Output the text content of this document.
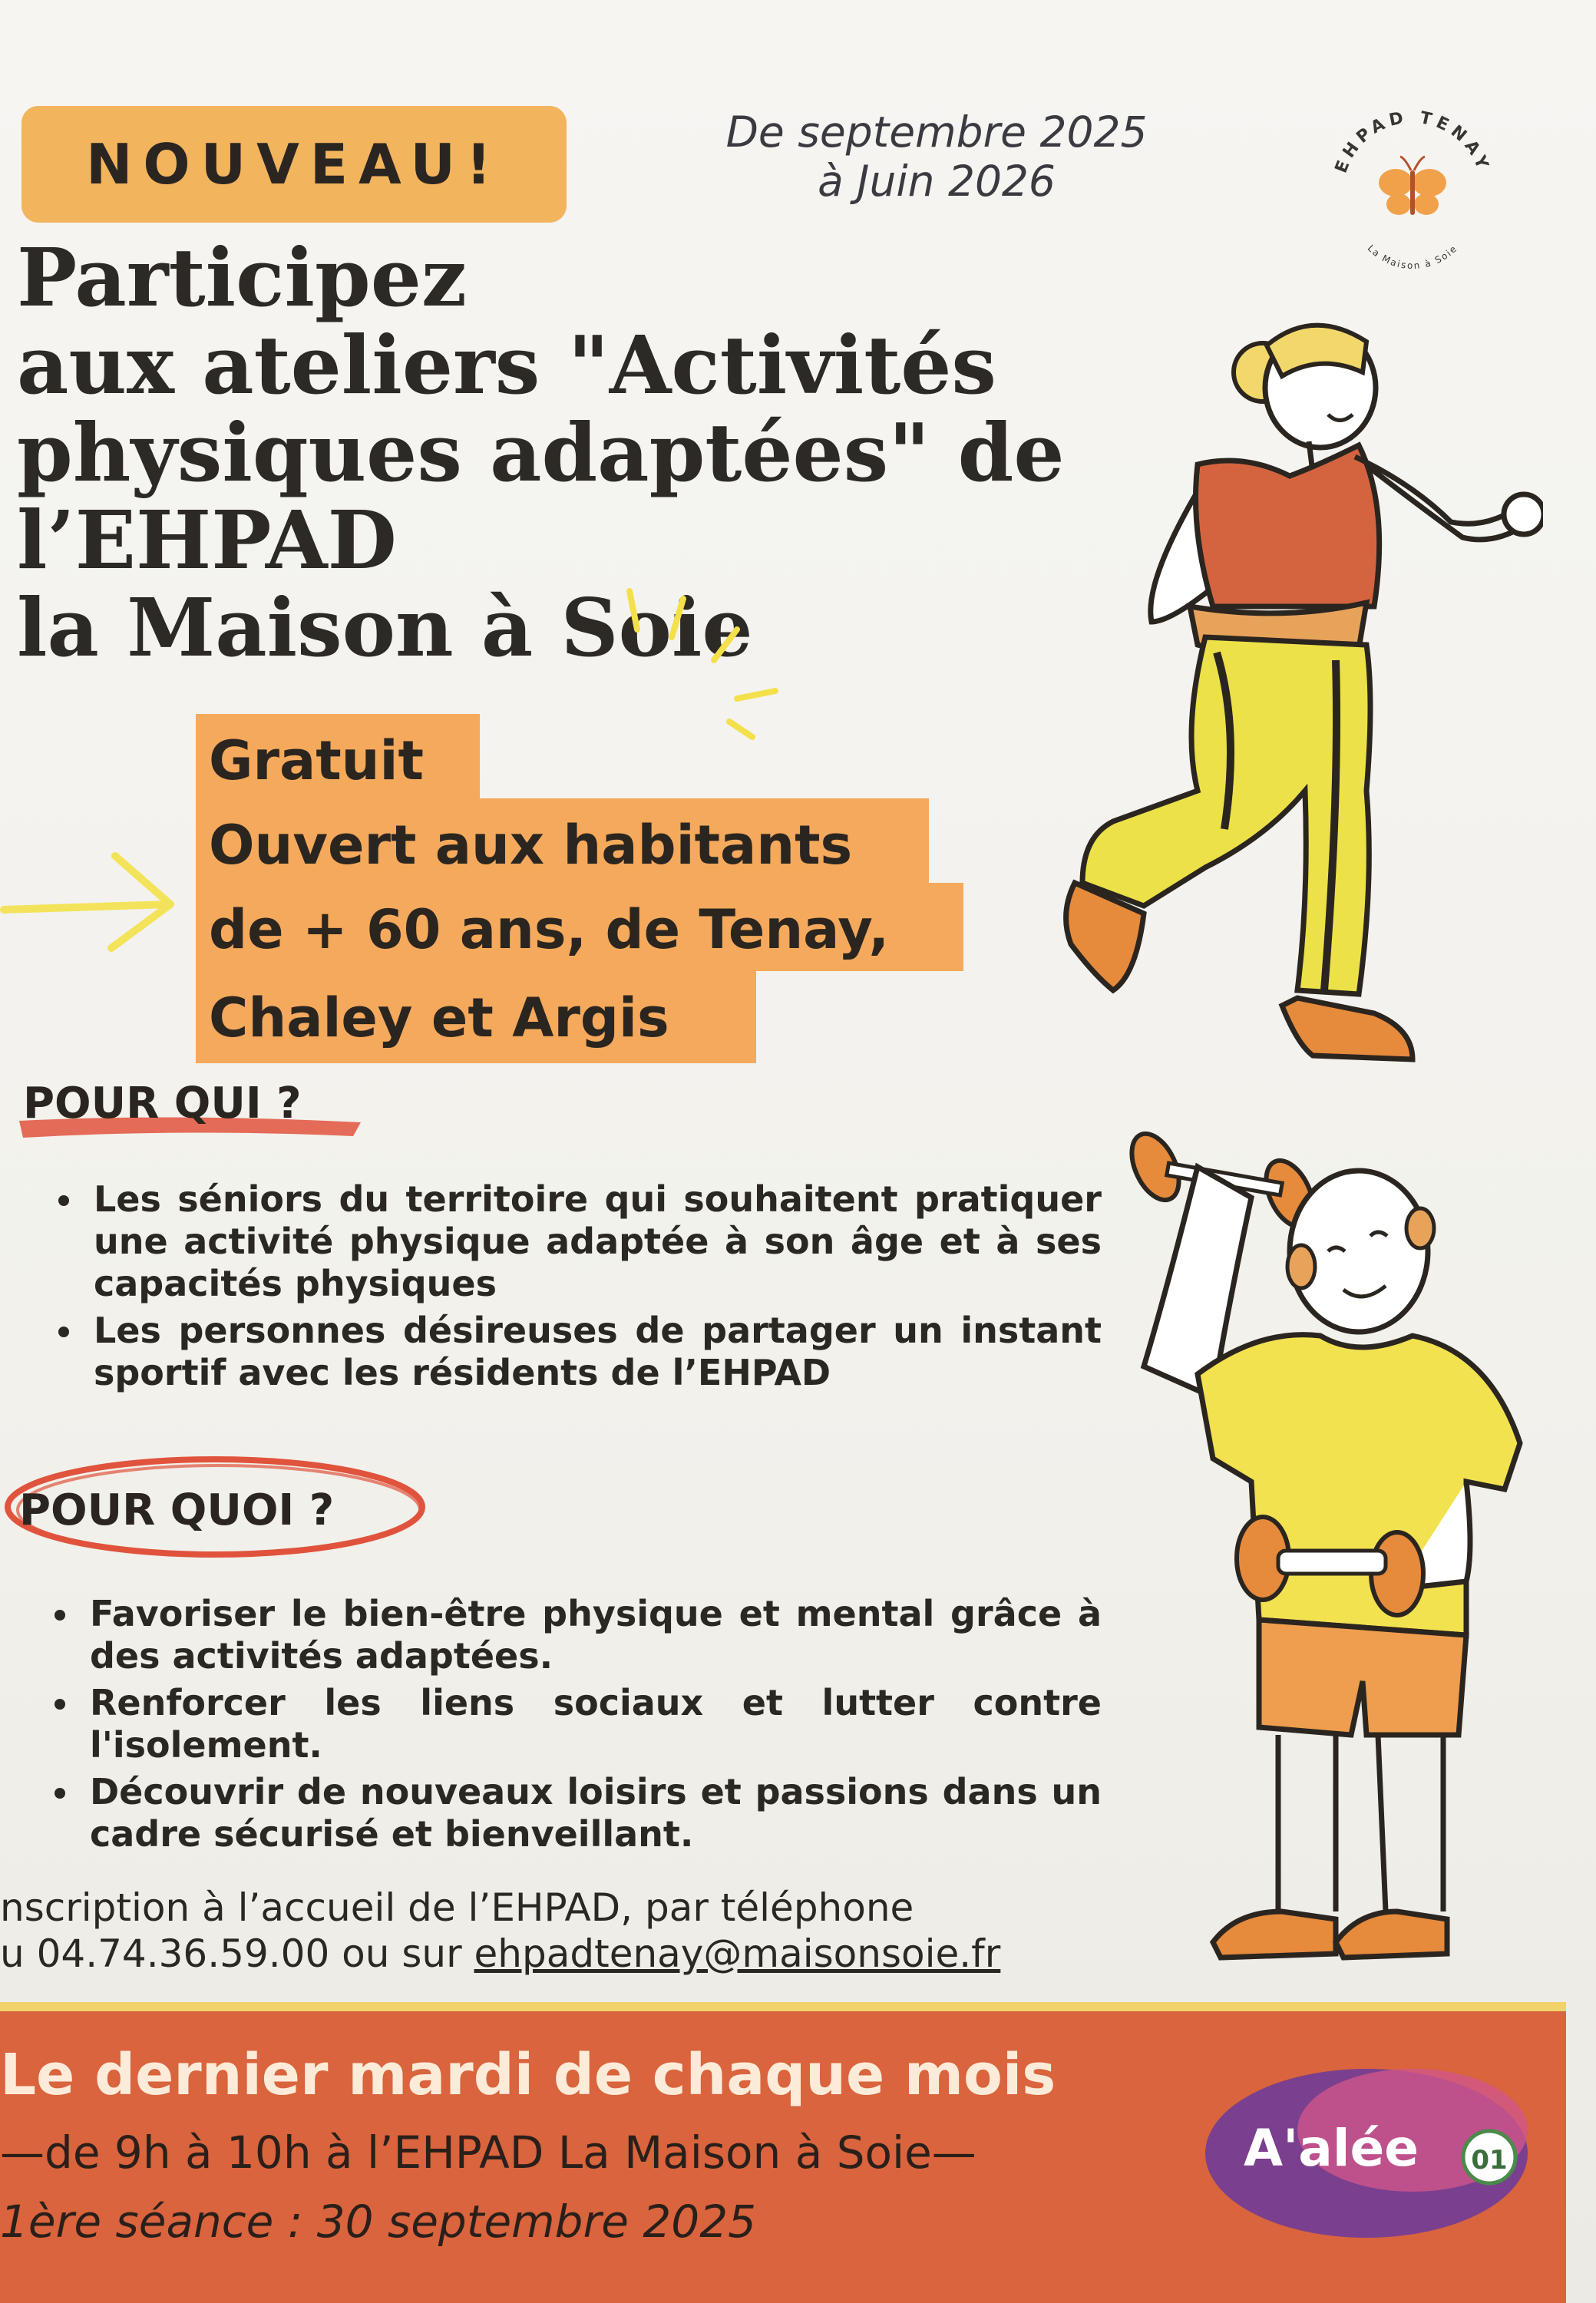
NOUVEAU!	De septembre 2025
à Juin 2026	EHPAD TENAY
La Maison à Soie
Participez
aux ateliers "Activités
physiques adaptées" de
l’EHPAD
la Maison à Soie
Gratuit
Ouvert aux habitants
de + 60 ans, de Tenay,
Chaley et Argis
POUR QUI ?
Les séniors du territoire qui souhaitent pratiquer une activité physique adaptée à son âge et à ses capacités physiques
Les personnes désireuses de partager un instant sportif avec les résidents de l’EHPAD
POUR QUOI ?
Favoriser le bien-être physique et mental grâce à des activités adaptées.
Renforcer les liens sociaux et lutter contre l'isolement.
Découvrir de nouveaux loisirs et passions dans un cadre sécurisé et bienveillant.
nscription à l’accueil de l’EHPAD, par téléphone
u 04.74.36.59.00 ou sur ehpadtenay@maisonsoie.fr
Le dernier mardi de chaque mois
—de 9h à 10h à l’EHPAD La Maison à Soie—
1ère séance : 30 septembre 2025
01
A'alée
